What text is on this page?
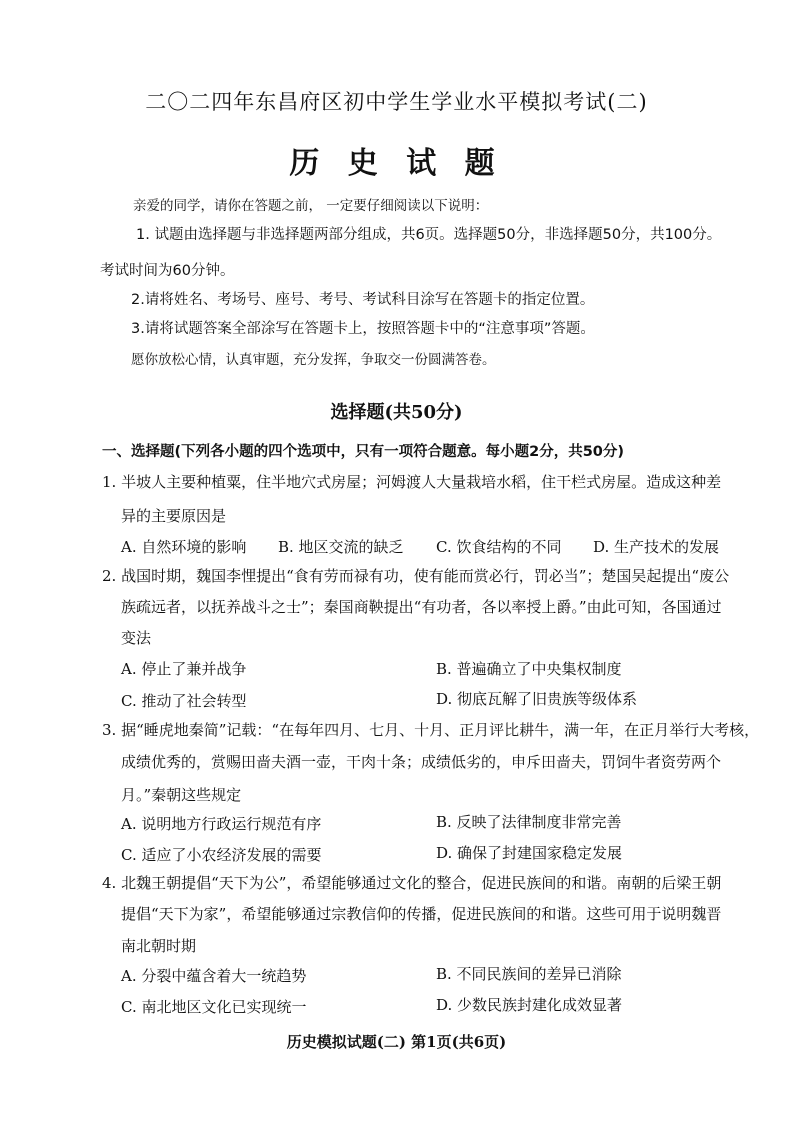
二〇二四年东昌府区初中学生学业水平模拟考试(二)
历 史 试 题
亲爱的同学，请你在答题之前， 一定要仔细阅读以下说明：
1. 试题由选择题与非选择题两部分组成，共6页。选择题50分，非选择题50分，共100分。
考试时间为60分钟。
2.请将姓名、考场号、座号、考号、考试科目涂写在答题卡的指定位置。
3.请将试题答案全部涂写在答题卡上，按照答题卡中的“注意事项”答题。
愿你放松心情，认真审题，充分发挥，争取交一份圆满答卷。
选择题(共50分)
一、选择题(下列各小题的四个选项中，只有一项符合题意。每小题2分，共50分)
1. 半坡人主要种植粟，住半地穴式房屋；河姆渡人大量栽培水稻，住干栏式房屋。造成这种差
异的主要原因是
A. 自然环境的影响 B. 地区交流的缺乏 C. 饮食结构的不同 D. 生产技术的发展
2. 战国时期，魏国李悝提出“食有劳而禄有功，使有能而赏必行，罚必当”；楚国吴起提出“废公
族疏远者，以抚养战斗之士”；秦国商鞅提出“有功者，各以率授上爵。”由此可知，各国通过
变法
A. 停止了兼并战争	B. 普遍确立了中央集权制度
C. 推动了社会转型	D. 彻底瓦解了旧贵族等级体系
3. 据“睡虎地秦简”记载：“在每年四月、七月、十月、正月评比耕牛，满一年，在正月举行大考核，
成绩优秀的，赏赐田啬夫酒一壶，干肉十条；成绩低劣的，申斥田啬夫，罚饲牛者资劳两个
月。”秦朝这些规定
A. 说明地方行政运行规范有序	B. 反映了法律制度非常完善
C. 适应了小农经济发展的需要	D. 确保了封建国家稳定发展
4. 北魏王朝提倡“天下为公”，希望能够通过文化的整合，促进民族间的和谐。南朝的后梁王朝
提倡“天下为家”，希望能够通过宗教信仰的传播，促进民族间的和谐。这些可用于说明魏晋
南北朝时期
A. 分裂中蕴含着大一统趋势	B. 不同民族间的差异已消除
C. 南北地区文化已实现统一	D. 少数民族封建化成效显著
历史模拟试题(二) 第1页(共6页)
